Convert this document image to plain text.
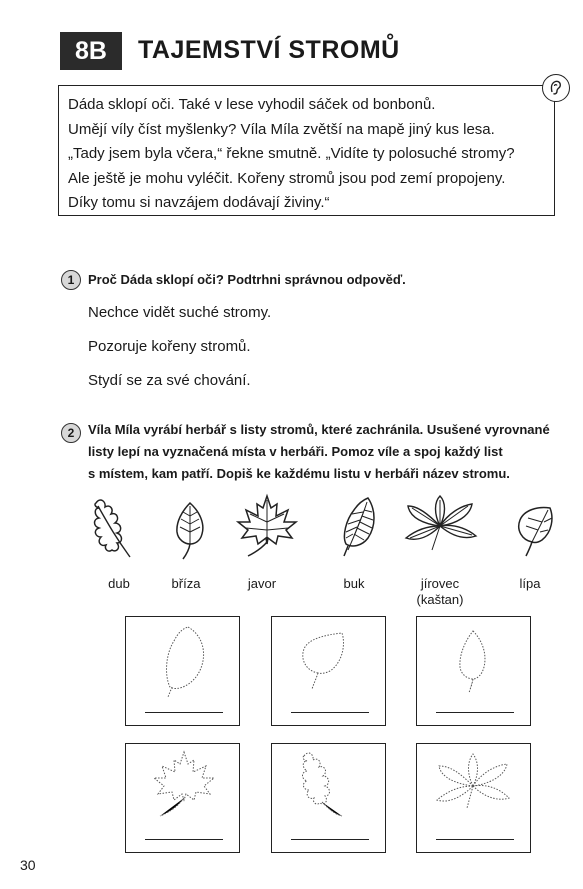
8B	TAJEMSTVÍ STROMŮ

Dáda sklopí oči. Také v lese vyhodil sáček od bonbonů.

Umějí víly číst myšlenky? Víla Míla zvětší na mapě jiný kus lesa.

„Tady jsem byla včera,“ řekne smutně. „Vidíte ty polosuché stromy?

Ale ještě je mohu vyléčit. Kořeny stromů jsou pod zemí propojeny.

Díky tomu si navzájem dodávají živiny.“

1	Proč Dáda sklopí oči? Podtrhni správnou odpověď.
Nechce vidět suché stromy.
Pozoruje kořeny stromů.
Stydí se za své chování.
2	Víla Míla vyrábí herbář s listy stromů, které zachránila. Usušené vyrovnané
listy lepí na vyznačená místa v herbáři. Pomoz víle a spoj každý list
s místem, kam patří. Dopiš ke každému listu v herbáři název stromu.
dub	bříza	javor	buk	jírovec
(kaštan)
lípa
30
